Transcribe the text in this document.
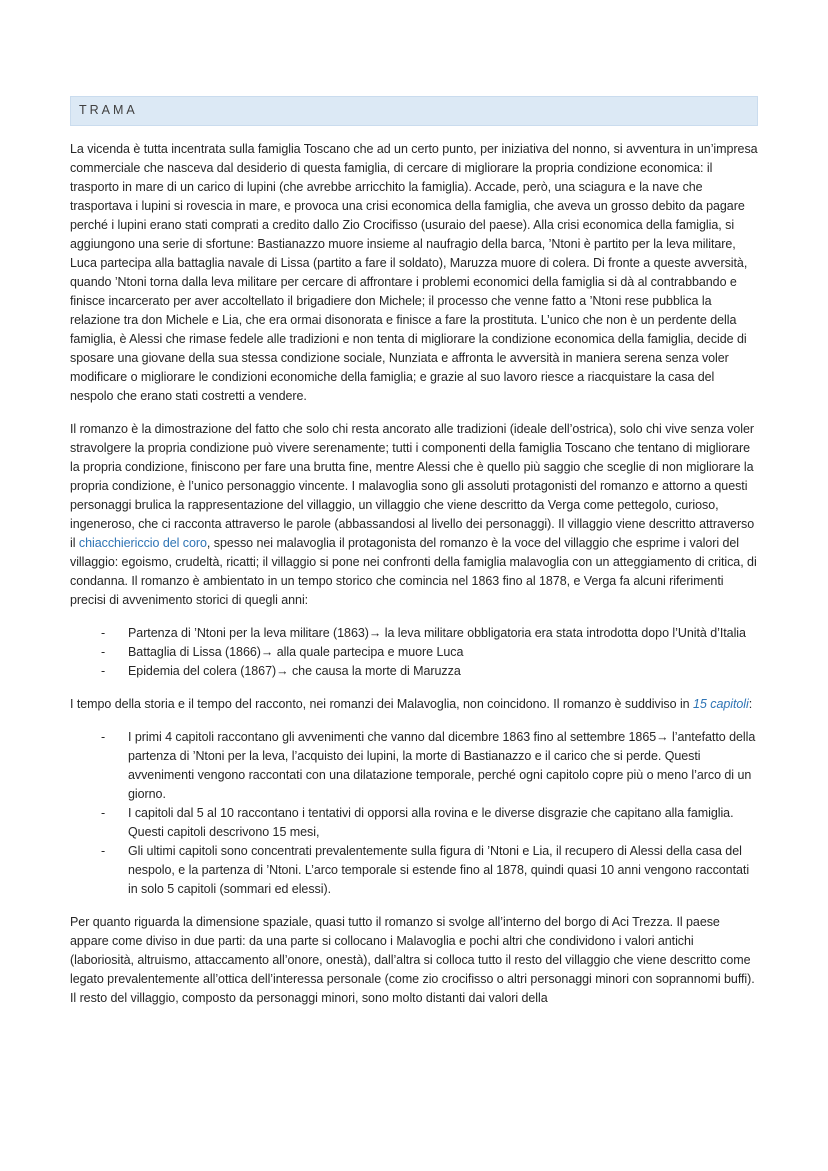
TRAMA

La vicenda è tutta incentrata sulla famiglia Toscano che ad un certo punto, per iniziativa del nonno, si avventura in un’impresa commerciale che nasceva dal desiderio di questa famiglia, di cercare di migliorare la propria condizione economica: il trasporto in mare di un carico di lupini (che avrebbe arricchito la famiglia). Accade, però, una sciagura e la nave che trasportava i lupini si rovescia in mare, e provoca una crisi economica della famiglia, che aveva un grosso debito da pagare perché i lupini erano stati comprati a credito dallo Zio Crocifisso (usuraio del paese). Alla crisi economica della famiglia, si aggiungono una serie di sfortune: Bastianazzo muore insieme al naufragio della barca, ’Ntoni è partito per la leva militare, Luca partecipa alla battaglia navale di Lissa (partito a fare il soldato), Maruzza muore di colera. Di fronte a queste avversità, quando ’Ntoni torna dalla leva militare per cercare di affrontare i problemi economici della famiglia si dà al contrabbando e finisce incarcerato per aver accoltellato il brigadiere don Michele; il processo che venne fatto a ’Ntoni rese pubblica la relazione tra don Michele e Lia, che era ormai disonorata e finisce a fare la prostituta. L’unico che non è un perdente della famiglia, è Alessi che rimase fedele alle tradizioni e non tenta di migliorare la condizione economica della famiglia, decide di sposare una giovane della sua stessa condizione sociale, Nunziata e affronta le avversità in maniera serena senza voler modificare o migliorare le condizioni economiche della famiglia; e grazie al suo lavoro riesce a riacquistare la casa del nespolo che erano stati costretti a vendere.

Il romanzo è la dimostrazione del fatto che solo chi resta ancorato alle tradizioni (ideale dell’ostrica), solo chi vive senza voler stravolgere la propria condizione può vivere serenamente; tutti i componenti della famiglia Toscano che tentano di migliorare la propria condizione, finiscono per fare una brutta fine, mentre Alessi che è quello più saggio che sceglie di non migliorare la propria condizione, è l’unico personaggio vincente. I malavoglia sono gli assoluti protagonisti del romanzo e attorno a questi personaggi brulica la rappresentazione del villaggio, un villaggio che viene descritto da Verga come pettegolo, curioso, ingeneroso, che ci racconta attraverso le parole (abbassandosi al livello dei personaggi). Il villaggio viene descritto attraverso il chiacchiericcio del coro, spesso nei malavoglia il protagonista del romanzo è la voce del villaggio che esprime i valori del villaggio: egoismo, crudeltà, ricatti; il villaggio si pone nei confronti della famiglia malavoglia con un atteggiamento di critica, di condanna. Il romanzo è ambientato in un tempo storico che comincia nel 1863 fino al 1878, e Verga fa alcuni riferimenti precisi di avvenimento storici di quegli anni:

- Partenza di ’Ntoni per la leva militare (1863)→ la leva militare obbligatoria era stata introdotta dopo l’Unità d’Italia
- Battaglia di Lissa (1866)→ alla quale partecipa e muore Luca
- Epidemia del colera (1867)→ che causa la morte di Maruzza

I tempo della storia e il tempo del racconto, nei romanzi dei Malavoglia, non coincidono. Il romanzo è suddiviso in 15 capitoli:

- I primi 4 capitoli raccontano gli avvenimenti che vanno dal dicembre 1863 fino al settembre 1865→ l’antefatto della partenza di ’Ntoni per la leva, l’acquisto dei lupini, la morte di Bastianazzo e il carico che si perde. Questi avvenimenti vengono raccontati con una dilatazione temporale, perché ogni capitolo copre più o meno l’arco di un giorno.
- I capitoli dal 5 al 10 raccontano i tentativi di opporsi alla rovina e le diverse disgrazie che capitano alla famiglia. Questi capitoli descrivono 15 mesi,
- Gli ultimi capitoli sono concentrati prevalentemente sulla figura di ’Ntoni e Lia, il recupero di Alessi della casa del nespolo, e la partenza di ’Ntoni. L’arco temporale si estende fino al 1878, quindi quasi 10 anni vengono raccontati in solo 5 capitoli (sommari ed elessi).

Per quanto riguarda la dimensione spaziale, quasi tutto il romanzo si svolge all’interno del borgo di Aci Trezza. Il paese appare come diviso in due parti: da una parte si collocano i Malavoglia e pochi altri che condividono i valori antichi (laboriosità, altruismo, attaccamento all’onore, onestà), dall’altra si colloca tutto il resto del villaggio che viene descritto come legato prevalentemente all’ottica dell’interessa personale (come zio crocifisso o altri personaggi minori con soprannomi buffi). Il resto del villaggio, composto da personaggi minori, sono molto distanti dai valori della
